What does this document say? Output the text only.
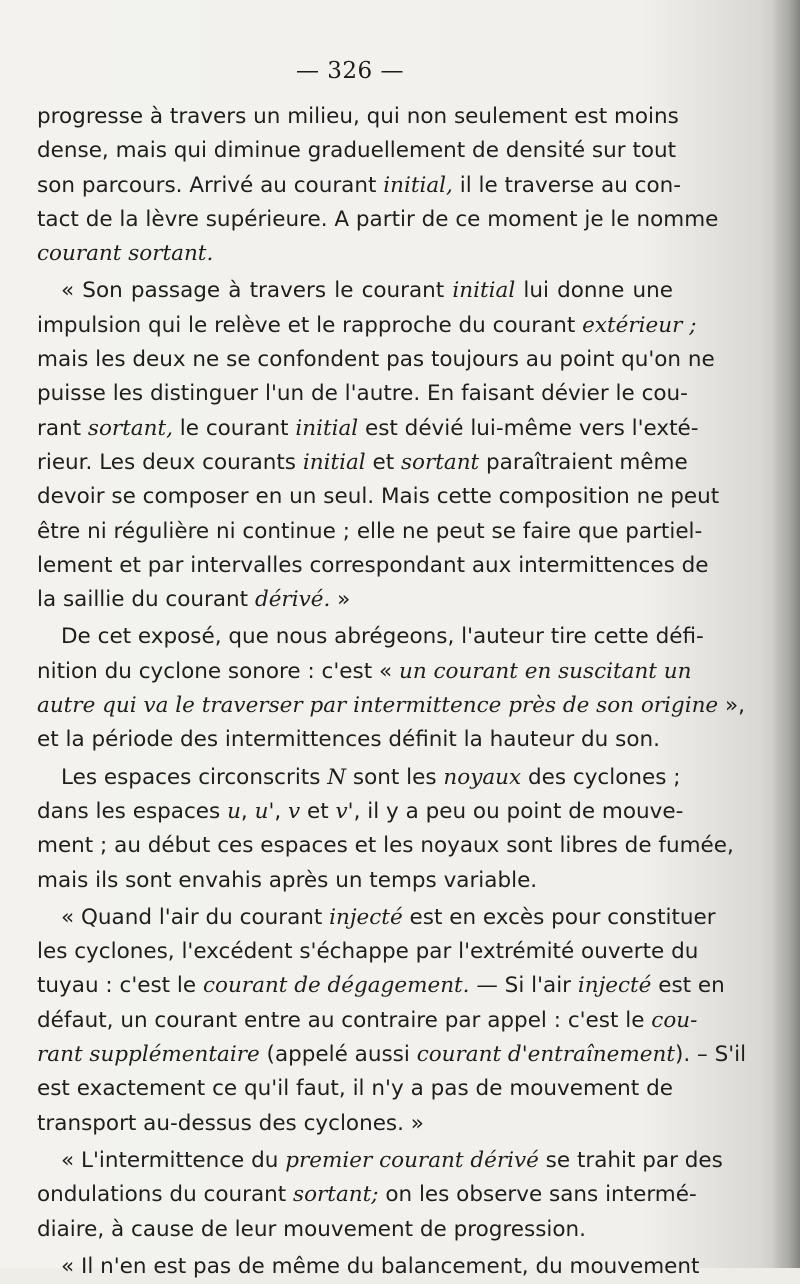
— 326 —
progresse à travers un milieu, qui non seulement est moins
dense, mais qui diminue graduellement de densité sur tout
son parcours. Arrivé au courant initial, il le traverse au con-
tact de la lèvre supérieure. A partir de ce moment je le nomme
courant sortant.
« Son passage à travers le courant initial lui donne une
impulsion qui le relève et le rapproche du courant extérieur ;
mais les deux ne se confondent pas toujours au point qu'on ne
puisse les distinguer l'un de l'autre. En faisant dévier le cou-
rant sortant, le courant initial est dévié lui-même vers l'exté-
rieur. Les deux courants initial et sortant paraîtraient même
devoir se composer en un seul. Mais cette composition ne peut
être ni régulière ni continue ; elle ne peut se faire que partiel-
lement et par intervalles correspondant aux intermittences de
la saillie du courant dérivé. »
De cet exposé, que nous abrégeons, l'auteur tire cette défi-
nition du cyclone sonore : c'est « un courant en suscitant un
autre qui va le traverser par intermittence près de son origine »,
et la période des intermittences définit la hauteur du son.
Les espaces circonscrits N sont les noyaux des cyclones ;
dans les espaces u, u', v et v', il y a peu ou point de mouve-
ment ; au début ces espaces et les noyaux sont libres de fumée,
mais ils sont envahis après un temps variable.
« Quand l'air du courant injecté est en excès pour constituer
les cyclones, l'excédent s'échappe par l'extrémité ouverte du
tuyau : c'est le courant de dégagement. — Si l'air injecté est en
défaut, un courant entre au contraire par appel : c'est le cou-
rant supplémentaire (appelé aussi courant d'entraînement). – S'il
est exactement ce qu'il faut, il n'y a pas de mouvement de
transport au-dessus des cyclones. »
« L'intermittence du premier courant dérivé se trahit par des
ondulations du courant sortant; on les observe sans intermé-
diaire, à cause de leur mouvement de progression.
« Il n'en est pas de même du balancement, du mouvement
